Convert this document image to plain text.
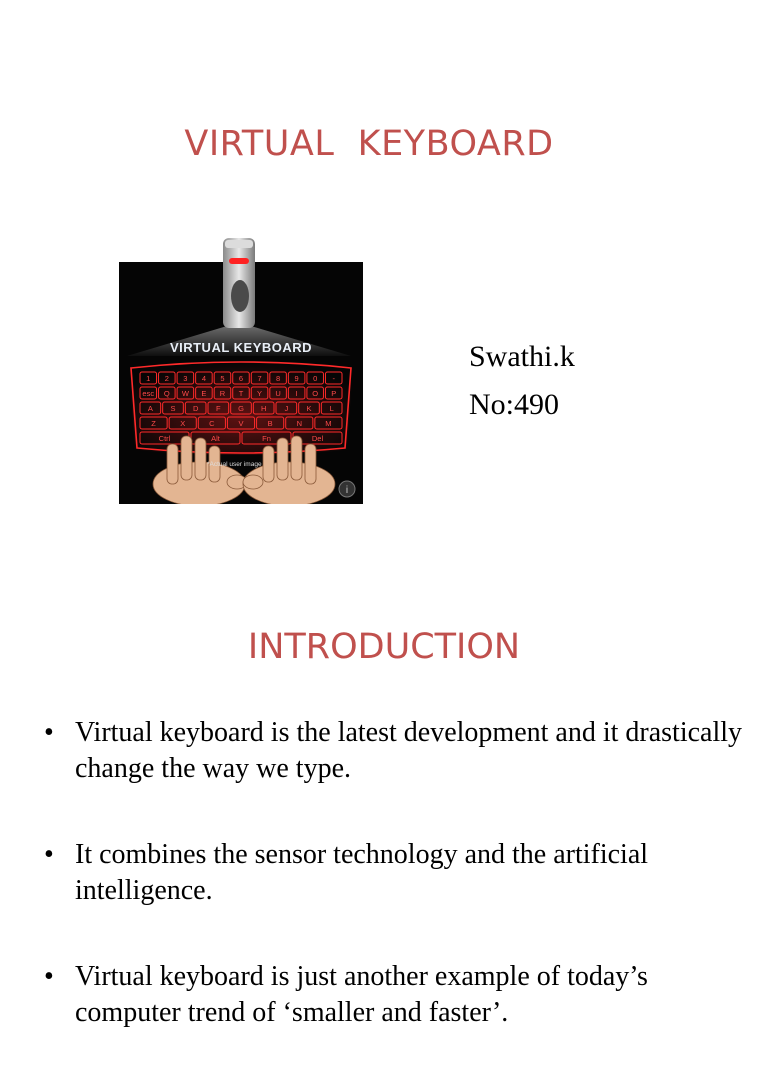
VIRTUAL  KEYBOARD
VIRTUAL KEYBOARD
1 2 3 4 5 6 7 8 9 0 -
esc Q W E R T Y U I O P
A S D F G H J K L
Z	X	C	V	B	N	M
Ctrl	Alt	Fn	Del
*Actual user image
i
Swathi.k
No:490
INTRODUCTION
• Virtual keyboard is the latest development and it drastically change the way we type.
• It combines the sensor technology and the artificial intelligence.
• Virtual keyboard is just another example of today’s computer trend of ‘smaller and faster’.
